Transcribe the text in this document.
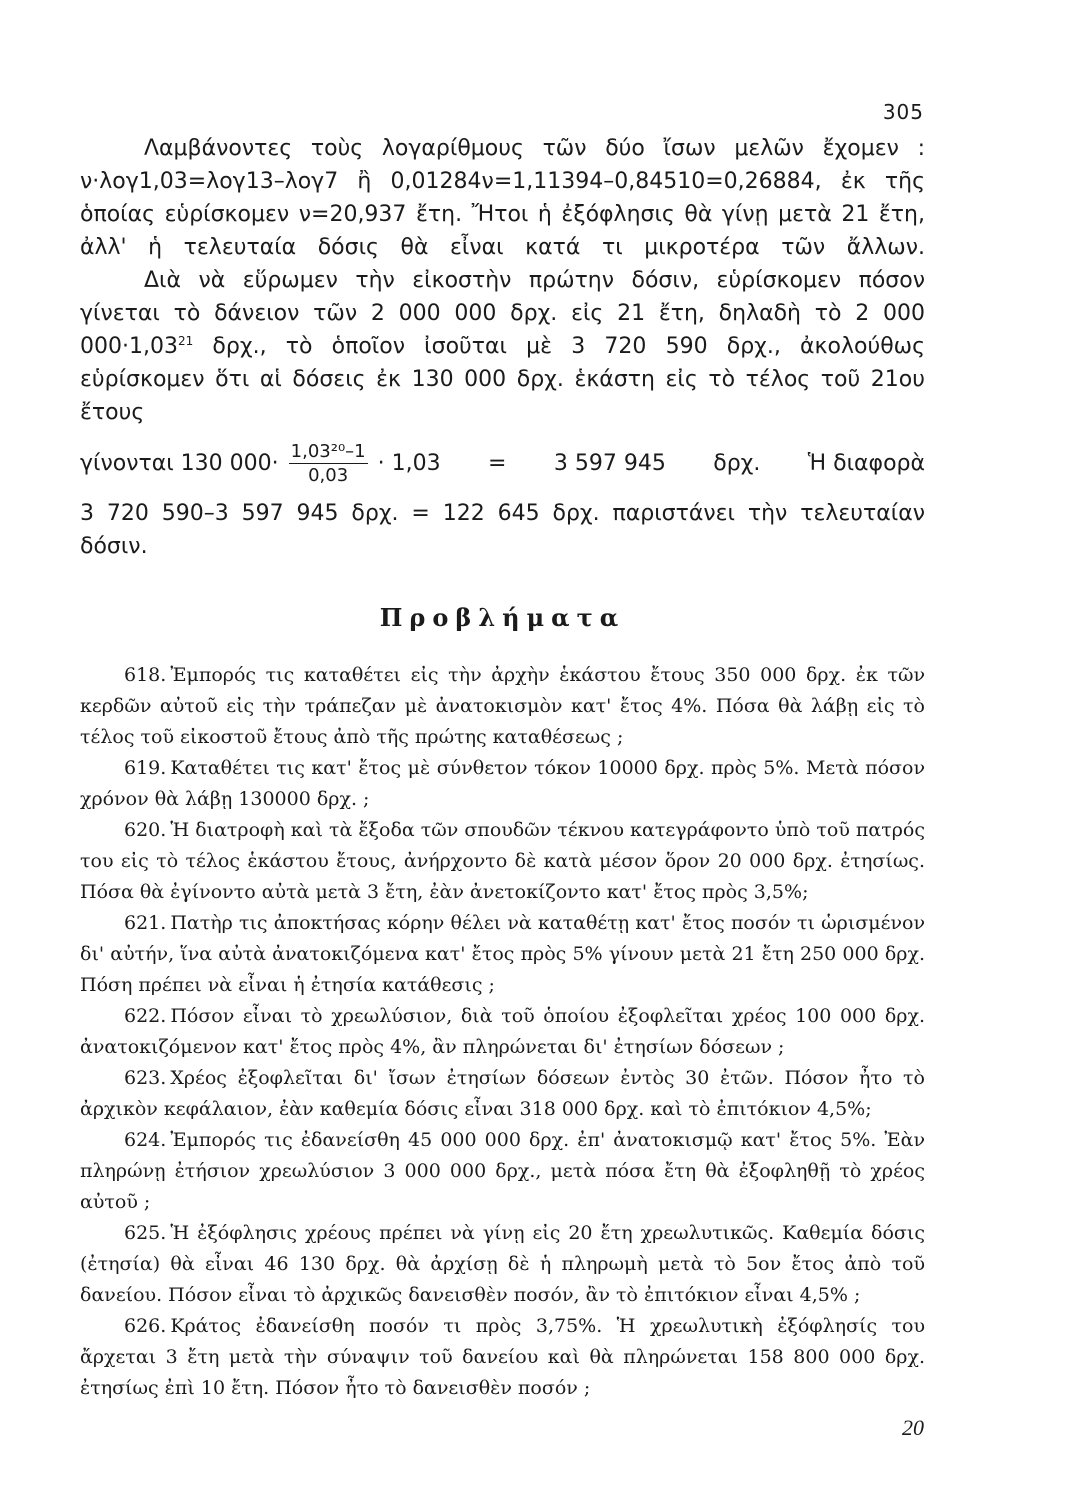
305

Λαμβάνοντες τοὺς λογαρίθμους τῶν δύο ἴσων μελῶν ἔχομεν : ν·λογ1,03=λογ13–λογ7 ἢ 0,01284ν=1,11394–0,84510=0,26884, ἐκ τῆς ὁποίας εὑρίσκομεν ν=20,937 ἔτη. Ἤτοι ἡ ἐξόφλησις θὰ γίνῃ μετὰ 21 ἔτη, ἀλλ' ἡ τελευταία δόσις θὰ εἶναι κατά τι μικροτέρα τῶν ἄλλων.

Διὰ νὰ εὕρωμεν τὴν εἰκοστὴν πρώτην δόσιν, εὑρίσκομεν πόσον γίνεται τὸ δάνειον τῶν 2 000 000 δρχ. εἰς 21 ἔτη, δηλαδὴ τὸ 2 000 $000\cdot 1,03^{21}$ δρχ., τὸ ὁποῖον ἰσοῦται μὲ 3 720 590 δρχ., ἀκολούθως εὑρίσκομεν ὅτι αἱ δόσεις ἐκ 130 000 δρχ. ἑκάστη εἰς τὸ τέλος τοῦ 21ου ἔτους

γίνονται 130 $000\cdot \frac{\text{1,03²⁰–1}}{0,03} \cdot 1,03 = 3$ 597 945 δρχ. Ἡ διαφορὰ

3 720 590–3 597 945 δρχ. = 122 645 δρχ. παριστάνει τὴν τελευταίαν δόσιν.

Προβλήματα

618. Ἐμπορός τις καταθέτει εἰς τὴν ἀρχὴν ἑκάστου ἔτους 350 000 δρχ. ἐκ τῶν κερδῶν αὐτοῦ εἰς τὴν τράπεζαν μὲ ἀνατοκισμὸν κατ' ἔτος 4%. Πόσα θὰ λάβῃ εἰς τὸ τέλος τοῦ εἰκοστοῦ ἔτους ἀπὸ τῆς πρώτης καταθέσεως ;

619. Καταθέτει τις κατ' ἔτος μὲ σύνθετον τόκον 10000 δρχ. πρὸς 5%. Μετὰ πόσον χρόνον θὰ λάβῃ 130000 δρχ. ;

620. Ἡ διατροφὴ καὶ τὰ ἔξοδα τῶν σπουδῶν τέκνου κατεγράφοντο ὑπὸ τοῦ πατρός του εἰς τὸ τέλος ἑκάστου ἔτους, ἀνήρχοντο δὲ κατὰ μέσον ὅρον 20 000 δρχ. ἐτησίως. Πόσα θὰ ἐγίνοντο αὐτὰ μετὰ 3 ἔτη, ἐὰν ἀνετοκίζοντο κατ' ἔτος πρὸς 3,5%;

621. Πατὴρ τις ἀποκτήσας κόρην θέλει νὰ καταθέτῃ κατ' ἔτος ποσόν τι ὡρισμένον δι' αὐτήν, ἵνα αὐτὰ ἀνατοκιζόμενα κατ' ἔτος πρὸς 5% γίνουν μετὰ 21 ἔτη 250 000 δρχ. Πόση πρέπει νὰ εἶναι ἡ ἐτησία κατάθεσις ;

622. Πόσον εἶναι τὸ χρεωλύσιον, διὰ τοῦ ὁποίου ἐξοφλεῖται χρέος 100 000 δρχ. ἀνατοκιζόμενον κατ' ἔτος πρὸς 4%, ἂν πληρώνεται δι' ἐτησίων δόσεων ;

623. Χρέος ἐξοφλεῖται δι' ἴσων ἐτησίων δόσεων ἐντὸς 30 ἐτῶν. Πόσον ἦτο τὸ ἀρχικὸν κεφάλαιον, ἐὰν καθεμία δόσις εἶναι 318 000 δρχ. καὶ τὸ ἐπιτόκιον 4,5%;

624. Ἐμπορός τις ἐδανείσθη 45 000 000 δρχ. ἐπ' ἀνατοκισμῷ κατ' ἔτος 5%. Ἐὰν πληρώνῃ ἐτήσιον χρεωλύσιον 3 000 000 δρχ., μετὰ πόσα ἔτη θὰ ἐξοφληθῇ τὸ χρέος αὐτοῦ ;

625. Ἡ ἐξόφλησις χρέους πρέπει νὰ γίνῃ εἰς 20 ἔτη χρεωλυτικῶς. Καθεμία δόσις (ἐτησία) θὰ εἶναι 46 130 δρχ. θὰ ἀρχίσῃ δὲ ἡ πληρωμὴ μετὰ τὸ 5ον ἔτος ἀπὸ τοῦ δανείου. Πόσον εἶναι τὸ ἀρχικῶς δανεισθὲν ποσόν, ἂν τὸ ἐπιτόκιον εἶναι 4,5% ;

626. Κράτος ἐδανείσθη ποσόν τι πρὸς 3,75%. Ἡ χρεωλυτικὴ ἐξόφλησίς του ἄρχεται 3 ἔτη μετὰ τὴν σύναψιν τοῦ δανείου καὶ θὰ πληρώνεται 158 800 000 δρχ. ἐτησίως ἐπὶ 10 ἔτη. Πόσον ἦτο τὸ δανεισθὲν ποσόν ;

20
